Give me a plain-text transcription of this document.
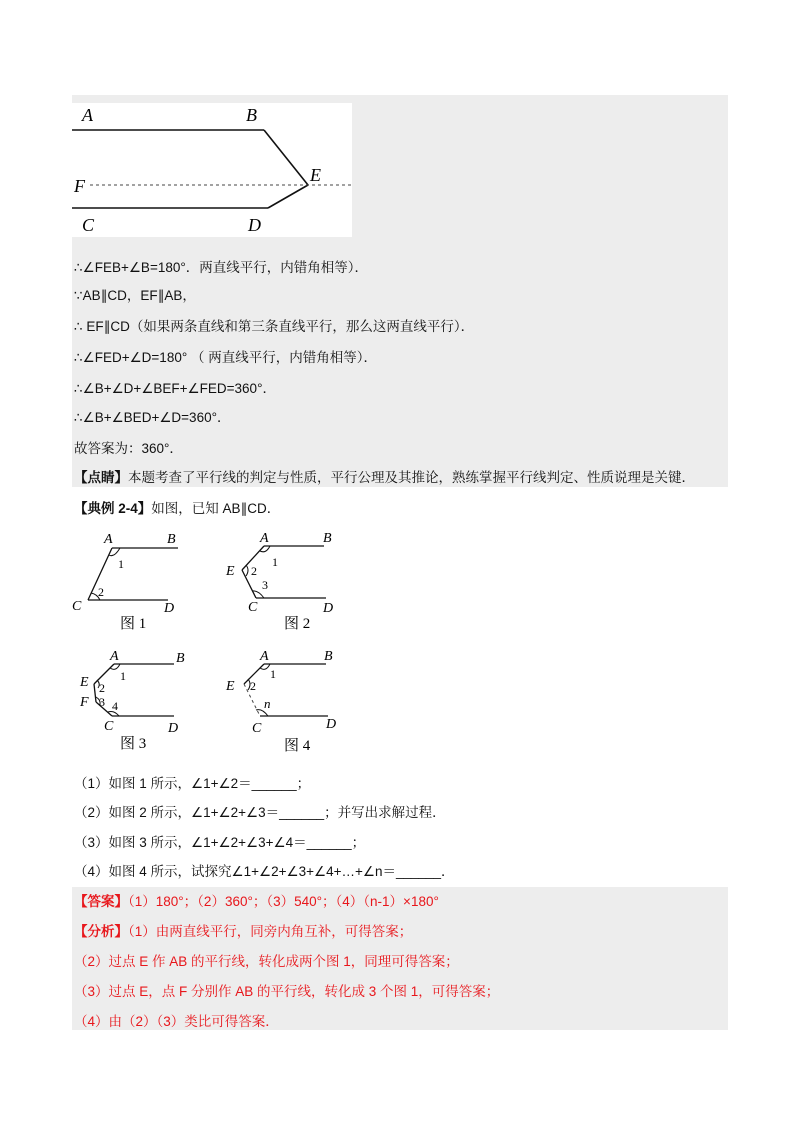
A	B
E
F
C	D
∴∠FEB+∠B=180°．两直线平行，内错角相等）．
∵AB∥CD，EF∥AB，
∴ EF∥CD（如果两条直线和第三条直线平行，那么这两直线平行）．
∴∠FED+∠D=180° （ 两直线平行，内错角相等）．
∴∠B+∠D+∠BEF+∠FED=360°．
∴∠B+∠BED+∠D=360°．
故答案为：360°．
【点睛】本题考查了平行线的判定与性质，平行公理及其推论，熟练掌握平行线判定、性质说理是关键．
【典例 2-4】如图，已知 AB∥CD．
A	B
C	D
1
2
图 1
A	B
E
C	D
1
2
3
图 2
A	B
E
F
C	D
1
2
3 4
图 3
A	B
E
C	D
1
2
n
图 4
（1）如图 1 所示，∠1+∠2＝______；
（2）如图 2 所示，∠1+∠2+∠3＝______；并写出求解过程．
（3）如图 3 所示，∠1+∠2+∠3+∠4＝______；
（4）如图 4 所示，试探究∠1+∠2+∠3+∠4+…+∠n＝______．
【答案】（1）180°；（2）360°；（3）540°；（4）（n-1）×180°
【分析】（1）由两直线平行，同旁内角互补，可得答案；
（2）过点 E 作 AB 的平行线，转化成两个图 1，同理可得答案；
（3）过点 E，点 F 分别作 AB 的平行线，转化成 3 个图 1，可得答案；
（4）由（2）（3）类比可得答案．
